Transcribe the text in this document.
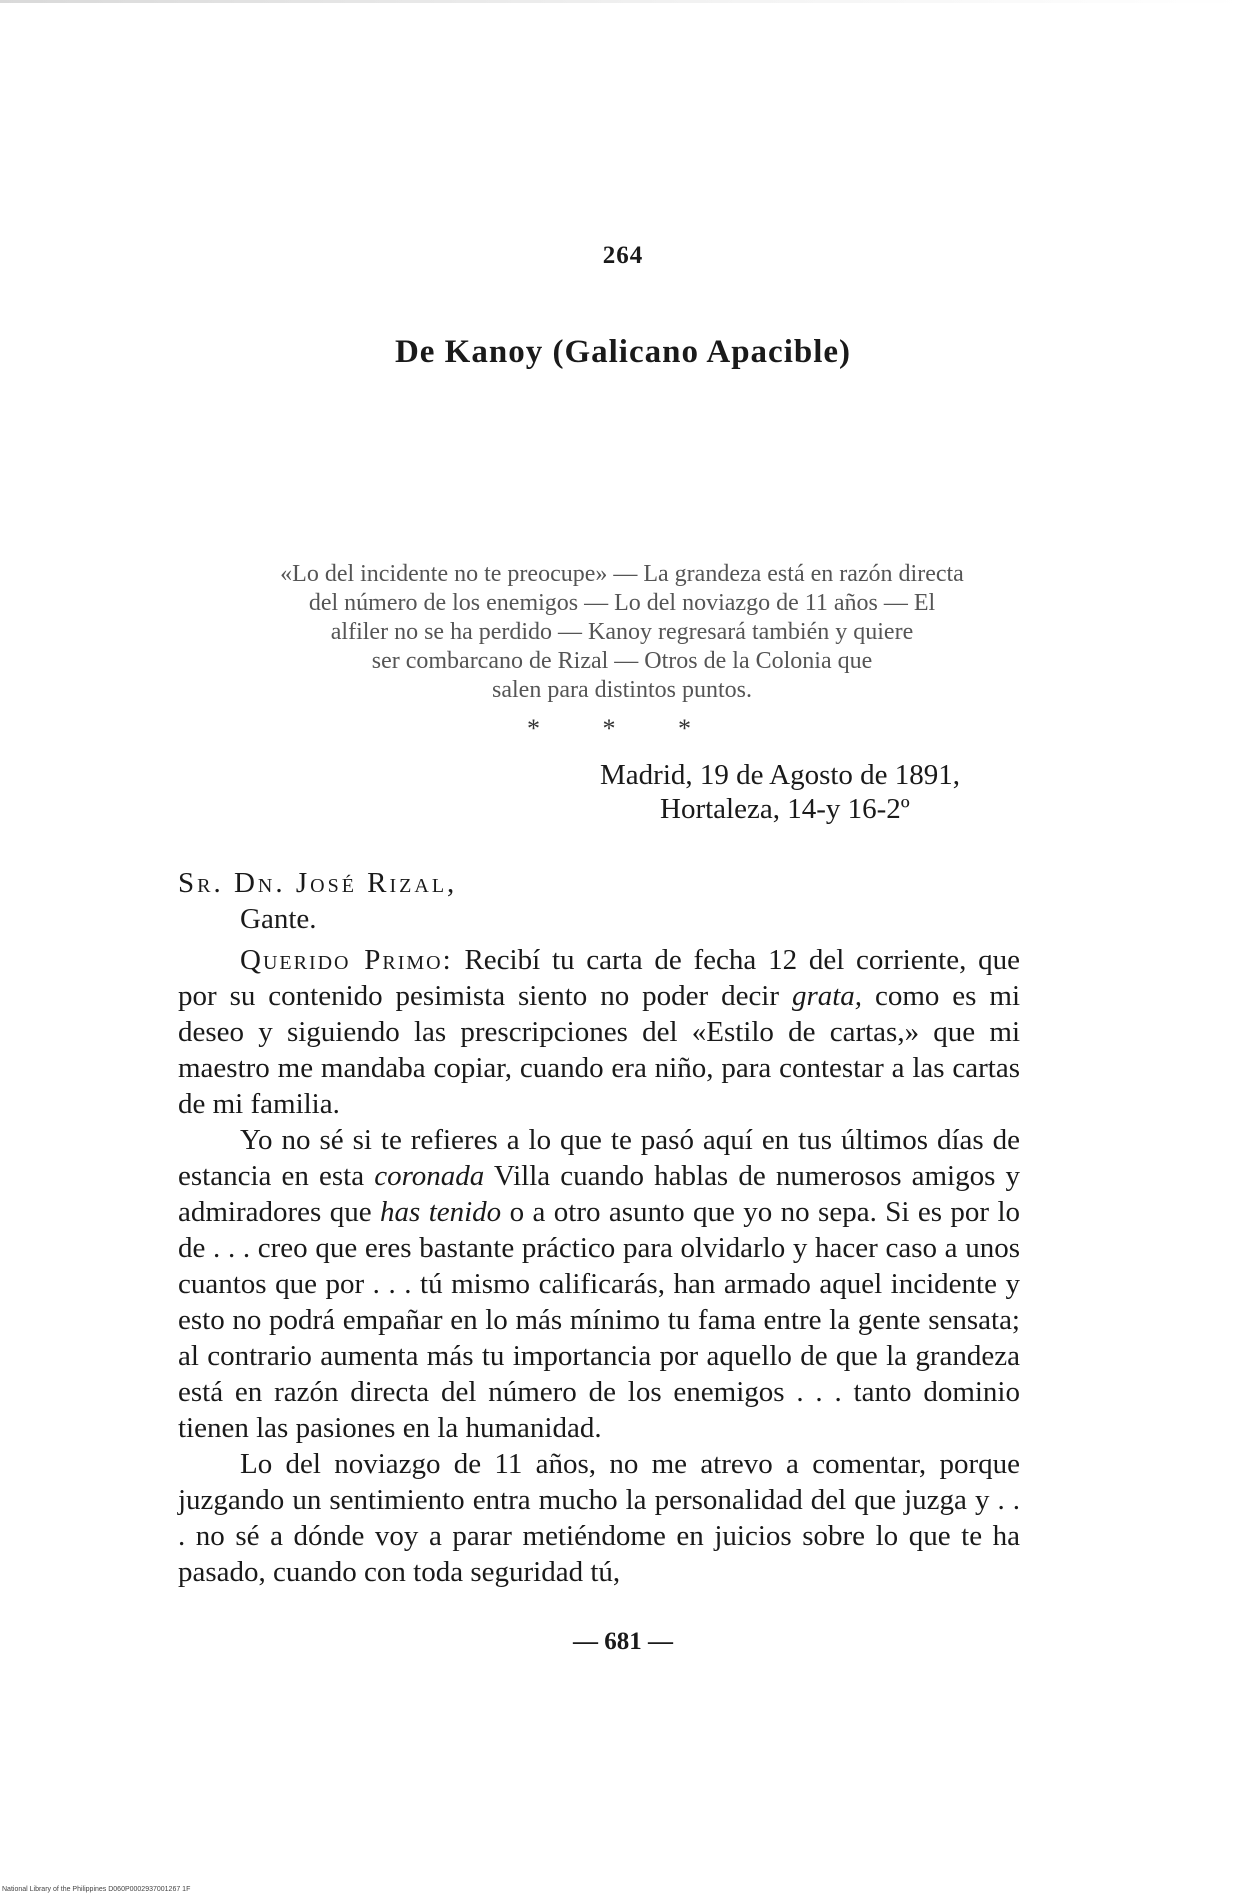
264
De Kanoy (Galicano Apacible)
«Lo del incidente no te preocupe» — La grandeza está en razón directa
del número de los enemigos — Lo del noviazgo de 11 años — El
alfiler no se ha perdido — Kanoy regresará también y quiere
ser combarcano de Rizal — Otros de la Colonia que
salen para distintos puntos.
* * *
Madrid, 19 de Agosto de 1891,
Hortaleza, 14-y 16-2º
Sr. Dn. José Rizal,
Gante.

Querido Primo: Recibí tu carta de fecha 12 del corriente, que por su contenido pesimista siento no poder decir grata, como es mi deseo y siguiendo las prescripciones del «Estilo de cartas,» que mi maestro me mandaba copiar, cuando era niño, para contestar a las cartas de mi familia.

Yo no sé si te refieres a lo que te pasó aquí en tus últimos días de estancia en esta coronada Villa cuando hablas de numerosos amigos y admiradores que has tenido o a otro asunto que yo no sepa. Si es por lo de . . . creo que eres bastante práctico para olvidarlo y hacer caso a unos cuantos que por . . . tú mismo calificarás, han armado aquel incidente y esto no podrá empañar en lo más mínimo tu fama entre la gente sensata; al contrario aumenta más tu importancia por aquello de que la grandeza está en razón directa del número de los enemigos . . . tanto dominio tienen las pasiones en la humanidad.

Lo del noviazgo de 11 años, no me atrevo a comentar, porque juzgando un sentimiento entra mucho la personalidad del que juzga y . . . no sé a dónde voy a parar metiéndome en juicios sobre lo que te ha pasado, cuando con toda seguridad tú,

— 681 —
National Library of the Philippines D060P0002937001267 1F
